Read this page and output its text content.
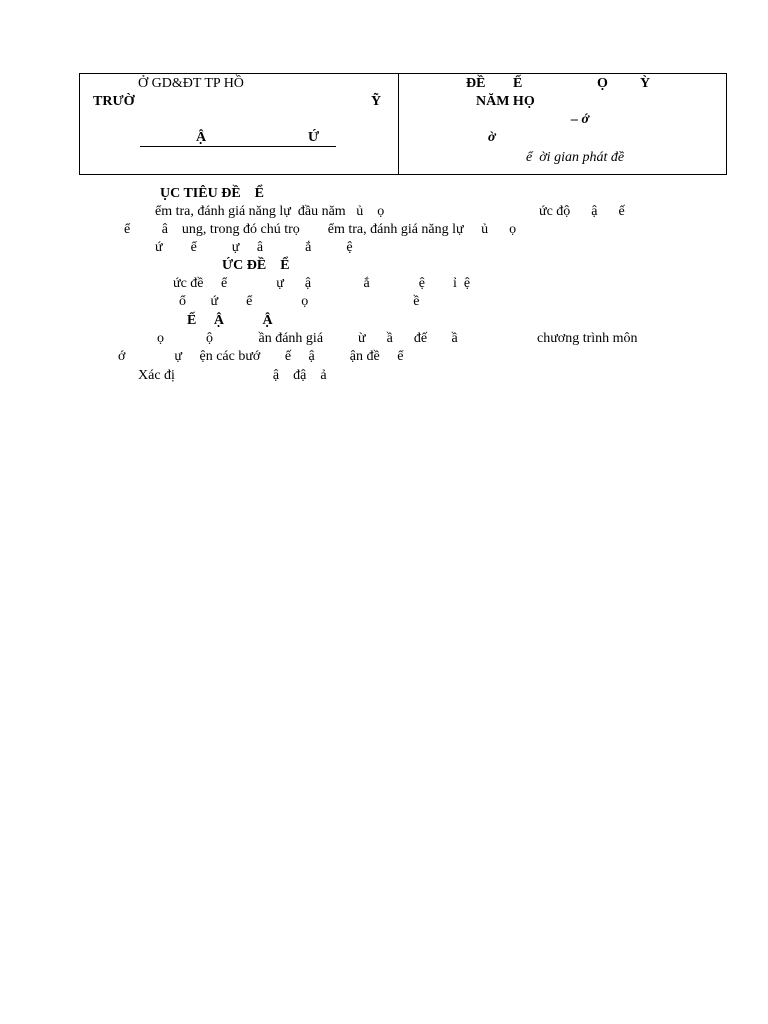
Ở GD&ĐT TP HỒ
TRƯỜ	Ỹ
Ậ	Ứ
ĐỀ Ế	Ọ Ỳ
NĂM HỌ
– ớ
ờ
ể  ời gian phát đề
ỤC TIÊU ĐỀ    Ể
ểm tra, đánh giá năng lự  đầu năm   ủ    ọ	ức độ      ậ      ế
ể         â    ung, trong đó chú trọ        ểm tra, đánh giá năng lự     ủ      ọ
ứ        ể          ự     â            ắ          ệ
ỨC ĐỀ    Ể
ức đề     ể              ự      ậ               ắ              ệ        ỉ  ệ
ổ       ứ        ể              ọ                              ề
Ế     Ậ           Ậ
ọ            ộ             ần đánh giá          ừ      ầ      đế       ầ	chương trình môn
ớ              ự     ện các bướ       ế     ậ          ận đề     ể
Xác đị                            ậ    đậ    ả
